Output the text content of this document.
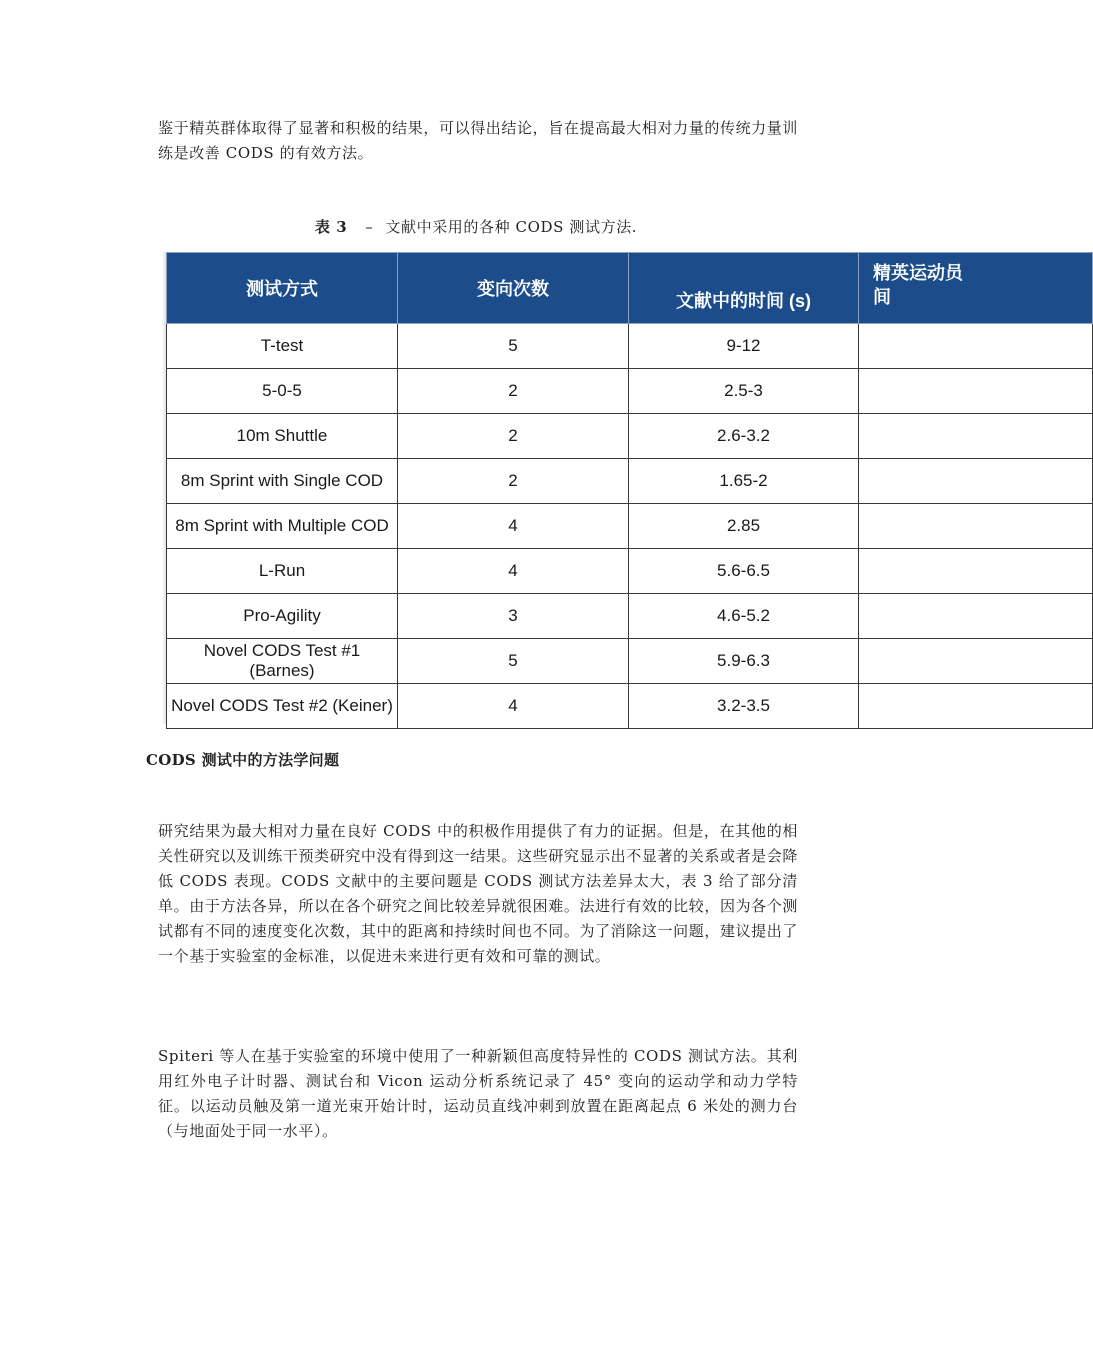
鉴于精英群体取得了显著和积极的结果，可以得出结论，旨在提高最大相对力量的传统力量训练是改善 CODS 的有效方法。

表 3 – 文献中采用的各种 CODS 测试方法.
测试方式	变向次数	文献中的时间 (s)	精英运动员
间
T-test	5	9-12	
5-0-5	2	2.5-3	
10m Shuttle	2	2.6-3.2	
8m Sprint with Single COD	2	1.65-2	
8m Sprint with Multiple COD	4	2.85	
L-Run	4	5.6-6.5	
Pro-Agility	3	4.6-5.2	
Novel CODS Test #1 (Barnes)	5	5.9-6.3	
Novel CODS Test #2 (Keiner)	4	3.2-3.5	
CODS 测试中的方法学问题

研究结果为最大相对力量在良好 CODS 中的积极作用提供了有力的证据。但是，在其他的相关性研究以及训练干预类研究中没有得到这一结果。这些研究显示出不显著的关系或者是会降低 CODS 表现。CODS 文献中的主要问题是 CODS 测试方法差异太大，表 3 给了部分清单。由于方法各异，所以在各个研究之间比较差异就很困难。法进行有效的比较，因为各个测试都有不同的速度变化次数，其中的距离和持续时间也不同。为了消除这一问题，建议提出了一个基于实验室的金标准，以促进未来进行更有效和可靠的测试。

Spiteri 等人在基于实验室的环境中使用了一种新颖但高度特异性的 CODS 测试方法。其利用红外电子计时器、测试台和 Vicon 运动分析系统记录了 45° 变向的运动学和动力学特征。以运动员触及第一道光束开始计时，运动员直线冲刺到放置在距离起点 6 米处的测力台（与地面处于同一水平）。
